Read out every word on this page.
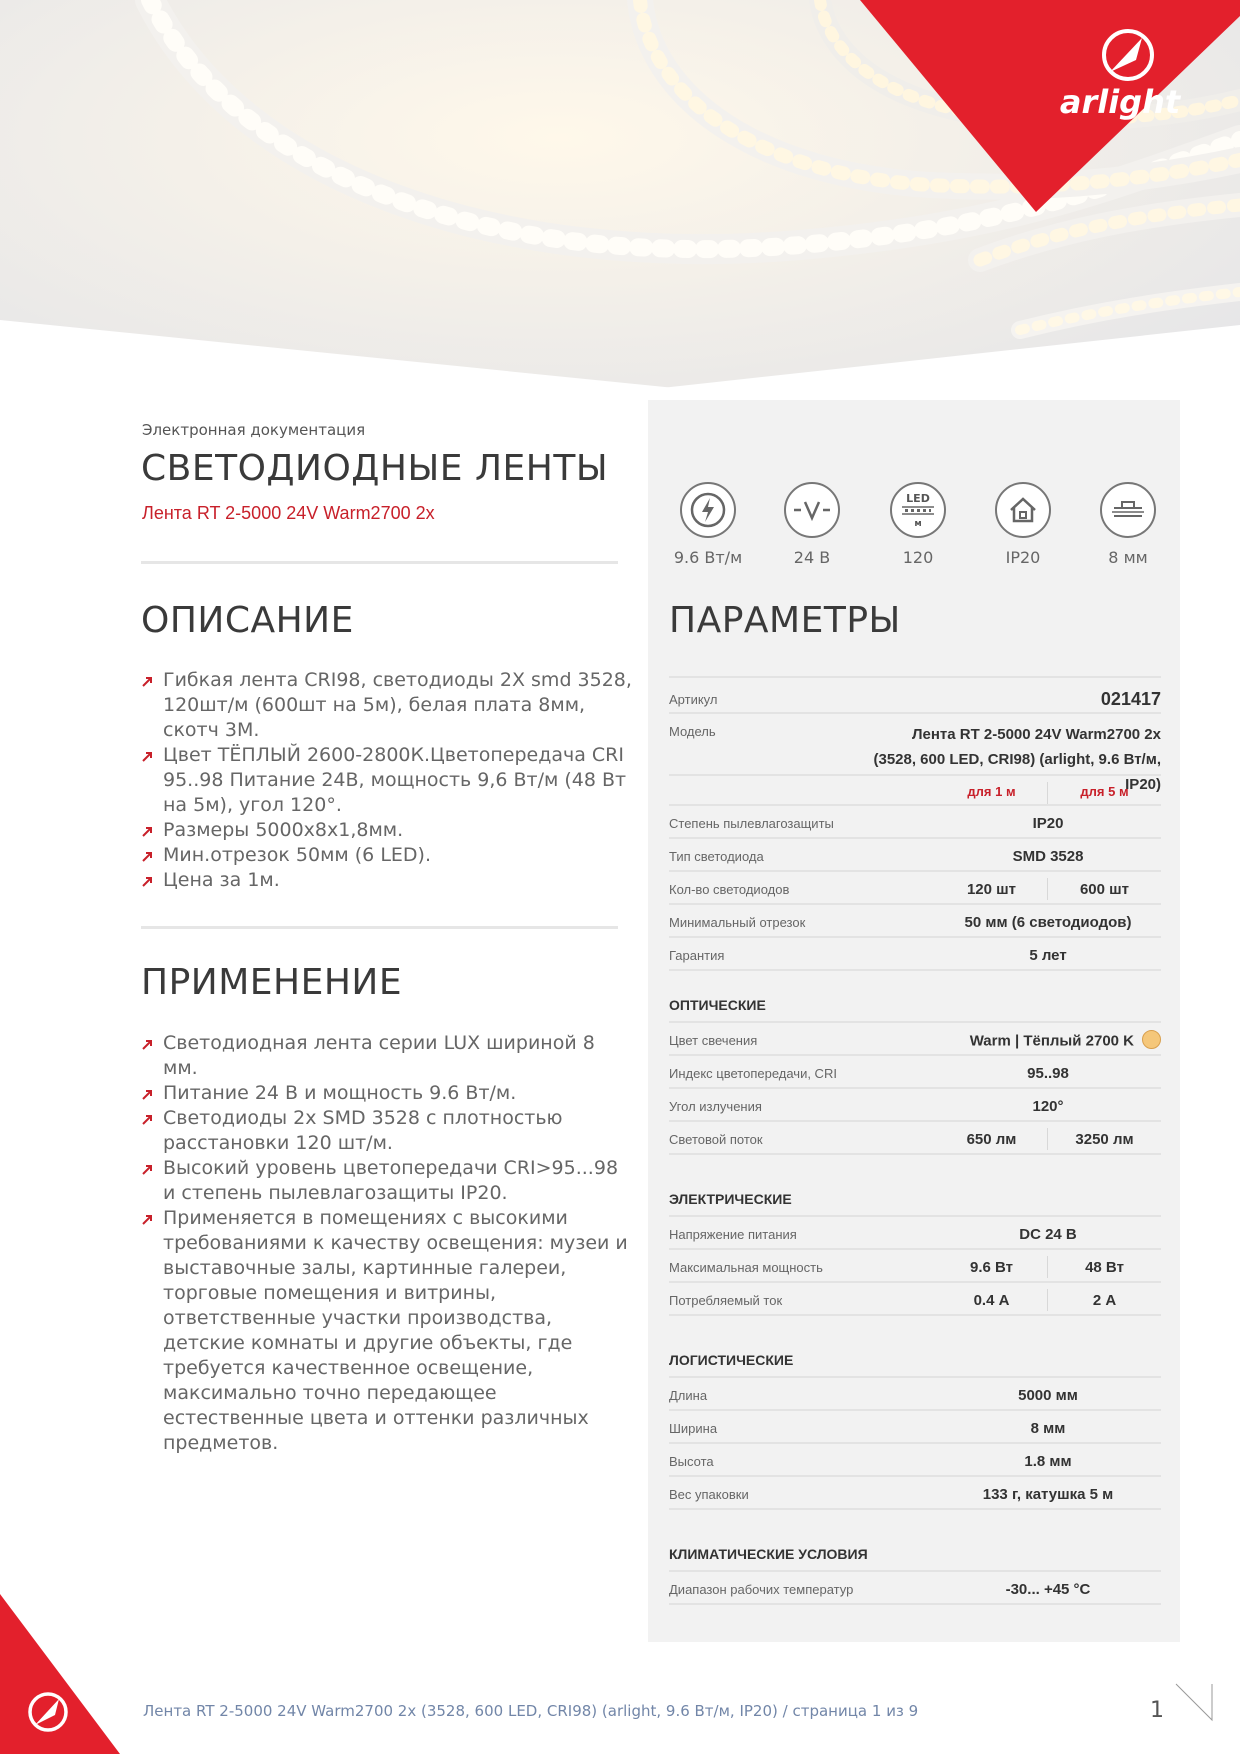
arlight
Электронная документация
СВЕТОДИОДНЫЕ ЛЕНТЫ
Лента RT 2-5000 24V Warm2700 2x
ОПИСАНИЕ
Гибкая лента CRI98, светодиоды 2X smd 3528, 120шт/м (600шт на 5м), белая плата 8мм, скотч 3М.
Цвет ТЁПЛЫЙ 2600-2800К.Цветопередача CRI 95..98 Питание 24В, мощность 9,6 Вт/м (48 Вт на 5м), угол 120°.
Размеры 5000х8х1,8мм.
Мин.отрезок 50мм (6 LED).
Цена за 1м.
ПРИМЕНЕНИЕ
Светодиодная лента серии LUX шириной 8 мм.
Питание 24 В и мощность 9.6 Вт/м.
Светодиоды 2х SMD 3528 с плотностью расстановки 120 шт/м.
Высокий уровень цветопередачи CRI>95...98 и степень пылевлагозащиты IP20.
Применяется в помещениях с высокими требованиями к качеству освещения: музеи и выставочные залы, картинные галереи, торговые помещения и витрины, ответственные участки производства, детские комнаты и другие объекты, где требуется качественное освещение, максимально точно передающее естественные цвета и оттенки различных предметов.
9.6 Вт/м	24 В
LED
м
120	IP20	8 мм
ПАРАМЕТРЫ
Артикул	021417
Модель	Лента RT 2-5000 24V Warm2700 2x
(3528, 600 LED, CRI98) (arlight, 9.6 Вт/м, IP20)
для 1 м	для 5 м
Степень пылевлагозащиты	IP20
Тип светодиода	SMD 3528
Кол-во светодиодов	120 шт	600 шт
Минимальный отрезок	50 мм (6 светодиодов)
Гарантия	5 лет
ОПТИЧЕСКИЕ
Цвет свечения	Warm | Тёплый 2700 K
Индекс цветопередачи, CRI	95..98
Угол излучения	120°
Световой поток	650 лм	3250 лм
ЭЛЕКТРИЧЕСКИЕ
Напряжение питания	DC 24 B
Максимальная мощность	9.6 Вт	48 Вт
Потребляемый ток	0.4 А	2 А
ЛОГИСТИЧЕСКИЕ
Длина	5000 мм
Ширина	8 мм
Высота	1.8 мм
Вес упаковки	133 г, катушка 5 м
КЛИМАТИЧЕСКИЕ УСЛОВИЯ
Диапазон рабочих температур	-30... +45 °С
Лента RT 2-5000 24V Warm2700 2x (3528, 600 LED, CRI98) (arlight, 9.6 Вт/м, IP20) / страница 1 из 9	1
